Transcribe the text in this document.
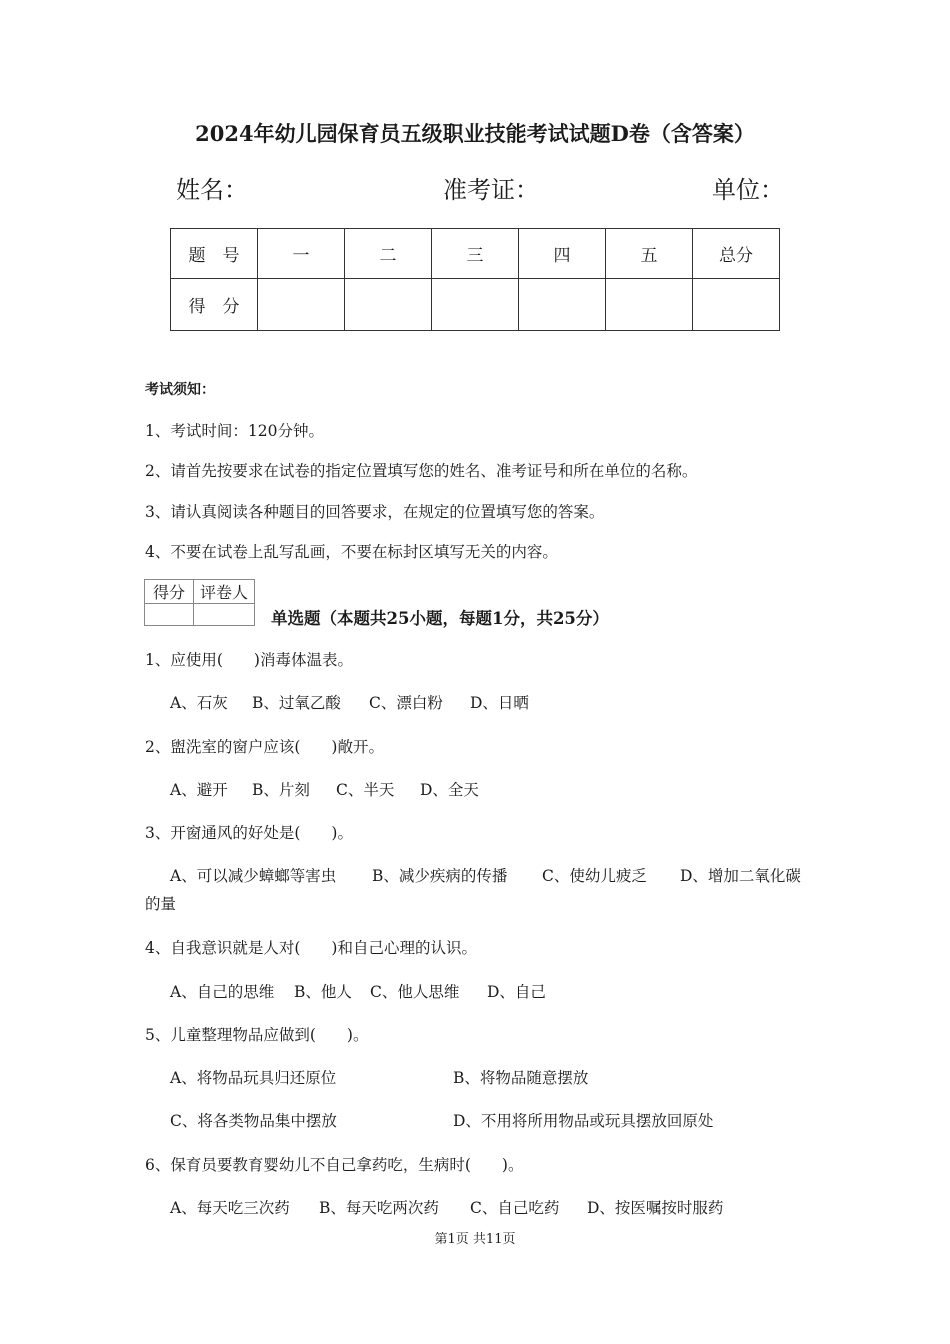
2024年幼儿园保育员五级职业技能考试试题D卷（含答案）
姓名：	准考证：	单位：
题　号	一	二	三	四	五	总分
得　分						
考试须知：
1、考试时间：120分钟。
2、请首先按要求在试卷的指定位置填写您的姓名、准考证号和所在单位的名称。
3、请认真阅读各种题目的回答要求，在规定的位置填写您的答案。
4、不要在试卷上乱写乱画，不要在标封区填写无关的内容。
得分	评卷人

单选题（本题共25小题，每题1分，共25分）
1、应使用(　　)消毒体温表。
A、石灰 B、过氧乙酸 C、漂白粉 D、日晒
2、盥洗室的窗户应该(　　)敞开。
A、避开 B、片刻 C、半天 D、全天
3、开窗通风的好处是(　　)。
A、可以减少蟑螂等害虫 B、减少疾病的传播 C、使幼儿疲乏 D、增加二氧化碳
的量
4、自我意识就是人对(　　)和自己心理的认识。
A、自己的思维 B、他人 C、他人思维 D、自己
5、儿童整理物品应做到(　　)。
A、将物品玩具归还原位	B、将物品随意摆放
C、将各类物品集中摆放	D、不用将所用物品或玩具摆放回原处
6、保育员要教育婴幼儿不自己拿药吃，生病时(　　)。
A、每天吃三次药 B、每天吃两次药 C、自己吃药 D、按医嘱按时服药
第1页 共11页
